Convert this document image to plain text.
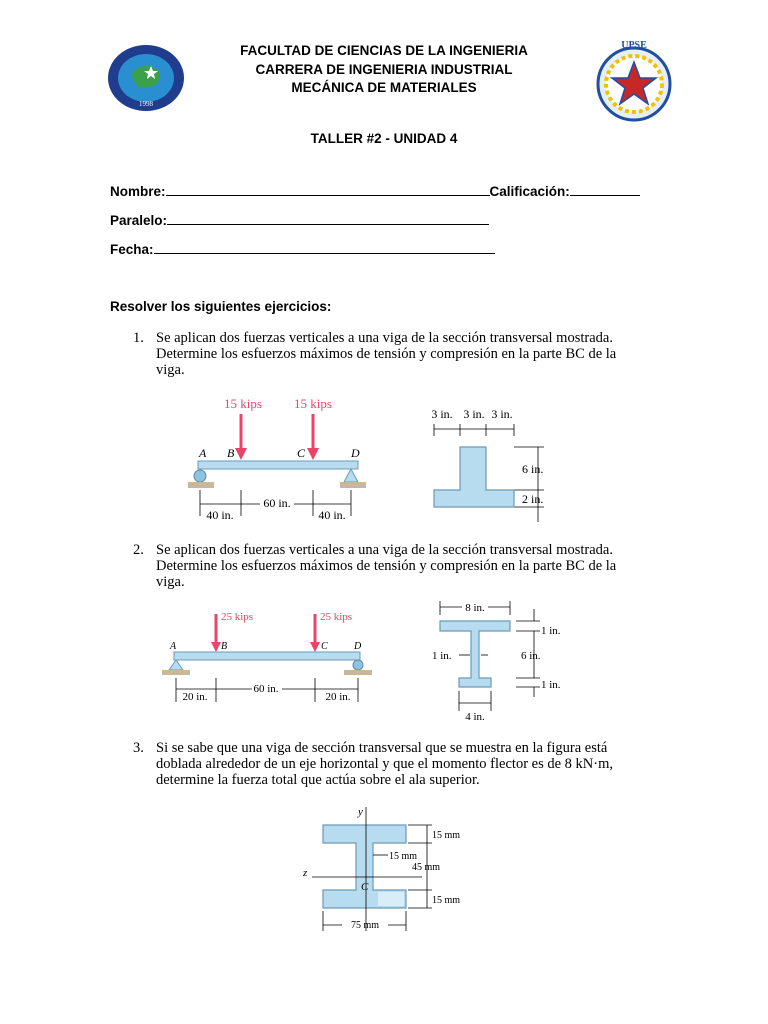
1998
UPSE
FACULTAD DE CIENCIAS DE LA INGENIERIA
CARRERA DE INGENIERIA INDUSTRIAL
MECÁNICA DE MATERIALES
TALLER #2 - UNIDAD 4
Nombre:	Calificación:
Paralelo:
Fecha:
Resolver los siguientes ejercicios:
1. Se aplican dos fuerzas verticales a una viga de la sección transversal mostrada.
Determine los esfuerzos máximos de tensión y compresión en la parte BC de la
viga.
15 kips 15 kips
A B	C	D
40 in.
60 in.
40 in.
3 in. 3 in. 3 in.
6 in.
2 in.
2. Se aplican dos fuerzas verticales a una viga de la sección transversal mostrada.
Determine los esfuerzos máximos de tensión y compresión en la parte BC de la
viga.
25 kips	25 kips
A	B	C	D
20 in.
60 in.
20 in.
8 in.
1 in.
1 in.	6 in.
1 in.
4 in.
3. Si se sabe que una viga de sección transversal que se muestra en la figura está
doblada alrededor de un eje horizontal y que el momento flector es de 8 kN·m,
determine la fuerza total que actúa sobre el ala superior.
y
z
C
15 mm
15 mm
45 mm
15 mm
75 mm
